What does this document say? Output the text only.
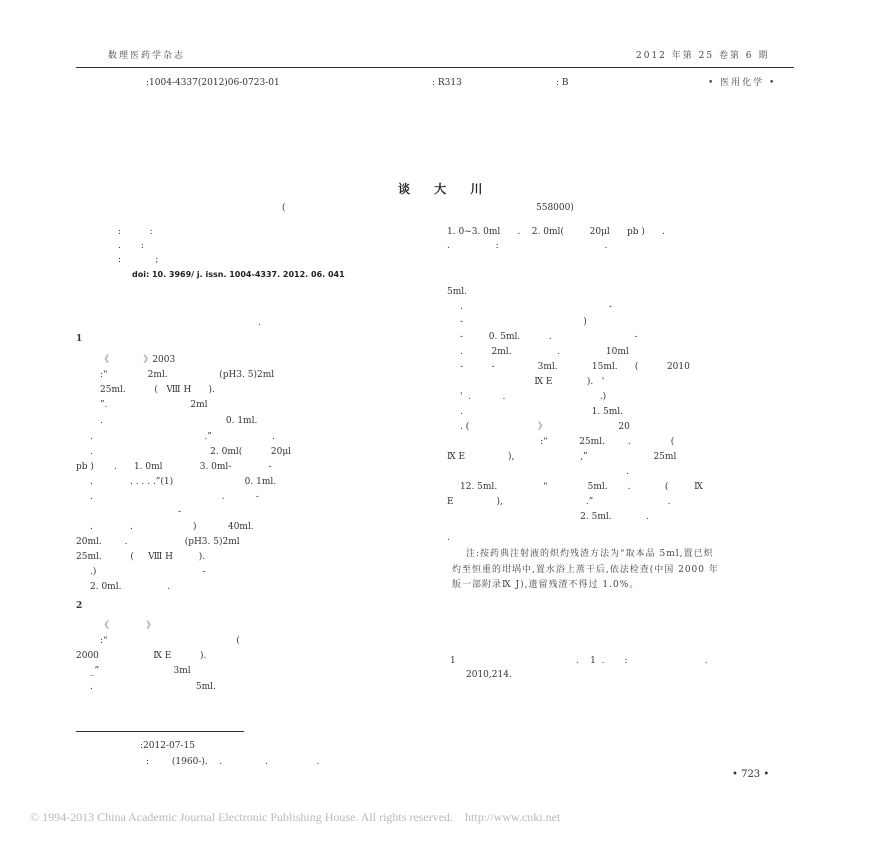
数理医药学杂志	2012 年第 25 卷第 6 期
:1004-4337(2012)06-0723-01	: R313	: B	• 医用化学 •
谈 大 川
(	558000)
doi: 10. 3969/ j. issn. 1004-4337. 2012. 06. 041
:          :
.       :
:            ;
.
1
《            》2003
:“              2ml.                  (pH3. 5)2ml
25ml.          (   Ⅷ H      ).
”.                             2ml
.                                           0. 1ml.
.                                       .”                     .
.                                         2. 0ml(          20μl
pb )       .      1. 0ml             3. 0ml-             -
.             . . . . .”(1)                         0. 1ml.
.                                             .           -
-
.             .                     )           40ml.
20ml.        .                    (pH3. 5)2ml
25ml.          (     Ⅷ H         ).
.)                                     -
2. 0ml.                .
2
《             》
:“                                             (
2000                   Ⅸ E          ).
_”                          3ml
.                                    5ml.
1. 0~3. 0ml      .    2. 0ml(         20μl      pb )      .
.                :                                     .
5ml.
.                                                   -
-                                          )
-         0. 5ml.          .                             -
.          2ml.                .                10ml
-          -               3ml.            15ml.      (          2010
Ⅸ E            ).   '
'  .           .                                 .)
.                                             1. 5ml.
. (                        》                         20
:“           25ml.        .              (
Ⅸ E               ),                       ,”                       25ml
.
12. 5ml.                “              5ml.       .            (         Ⅸ
E               ),                             .”                          .
2. 5ml.            .
.
注:按药典注射液的炽灼残渣方法为“取本品 5ml,置已炽
灼至恒重的坩埚中,置水浴上蒸干后,依法检查(中国 2000 年
版一部附录Ⅸ J),遗留残渣不得过 1.0%。
1                                          .    1  .       :                           .
2010,214.
:2012-07-15
:        (1960-).    .               .                 .
• 723 •
© 1994-2013 China Academic Journal Electronic Publishing House. All rights reserved.    http://www.cnki.net
